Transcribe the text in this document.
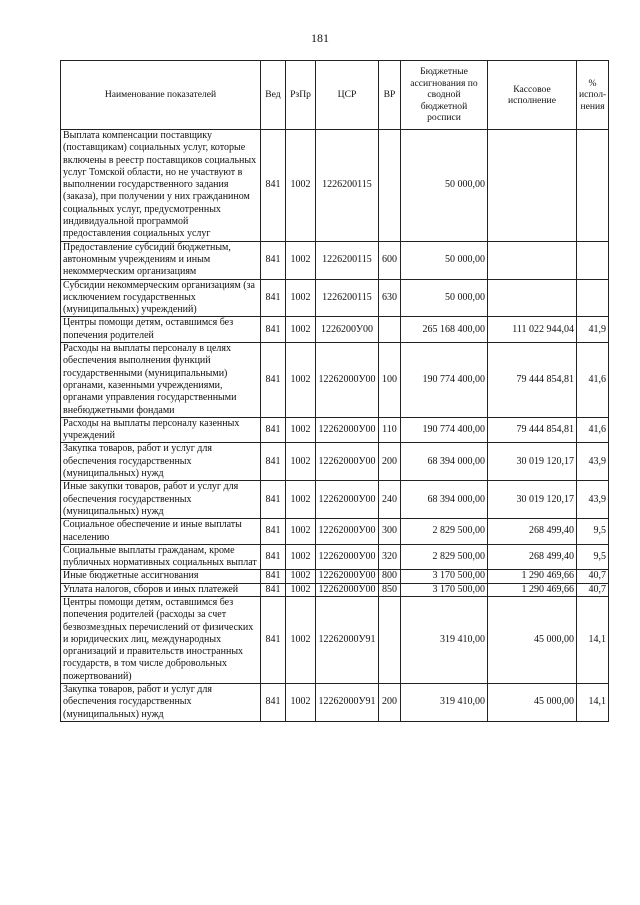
181
Наименование показателей	Вед	РзПр	ЦСР	ВР	Бюджетные ассигнования по сводной бюджетной росписи	Кассовое исполнение	% испол-нения
Выплата компенсации поставщику (поставщикам) социальных услуг, которые включены в реестр поставщиков социальных услуг Томской области, но не участвуют в выполнении государственного задания (заказа), при получении у них гражданином социальных услуг, предусмотренных индивидуальной программой предоставления социальных услуг	841	1002	1226200115		50 000,00		
Предоставление субсидий бюджетным, автономным учреждениям и иным некоммерческим организациям	841	1002	1226200115	600	50 000,00		
Субсидии некоммерческим организациям (за исключением государственных (муниципальных) учреждений)	841	1002	1226200115	630	50 000,00		
Центры помощи детям, оставшимся без попечения родителей	841	1002	1226200У00		265 168 400,00	111 022 944,04	41,9
Расходы на выплаты персоналу в целях обеспечения выполнения функций государственными (муниципальными) органами, казенными учреждениями, органами управления государственными внебюджетными фондами	841	1002	12262000У00	100	190 774 400,00	79 444 854,81	41,6
Расходы на выплаты персоналу казенных учреждений	841	1002	12262000У00	110	190 774 400,00	79 444 854,81	41,6
Закупка товаров, работ и услуг для обеспечения государственных (муниципальных) нужд	841	1002	12262000У00	200	68 394 000,00	30 019 120,17	43,9
Иные закупки товаров, работ и услуг для обеспечения государственных (муниципальных) нужд	841	1002	12262000У00	240	68 394 000,00	30 019 120,17	43,9
Социальное обеспечение и иные выплаты населению	841	1002	12262000У00	300	2 829 500,00	268 499,40	9,5
Социальные выплаты гражданам, кроме публичных нормативных социальных выплат	841	1002	12262000У00	320	2 829 500,00	268 499,40	9,5
Иные бюджетные ассигнования	841	1002	12262000У00	800	3 170 500,00	1 290 469,66	40,7
Уплата налогов, сборов и иных платежей	841	1002	12262000У00	850	3 170 500,00	1 290 469,66	40,7
Центры помощи детям, оставшимся без попечения родителей (расходы за счет безвозмездных перечислений от физических и юридических лиц, международных организаций и правительств иностранных государств, в том числе добровольных пожертвований)	841	1002	12262000У91		319 410,00	45 000,00	14,1
Закупка товаров, работ и услуг для обеспечения государственных (муниципальных) нужд	841	1002	12262000У91	200	319 410,00	45 000,00	14,1
